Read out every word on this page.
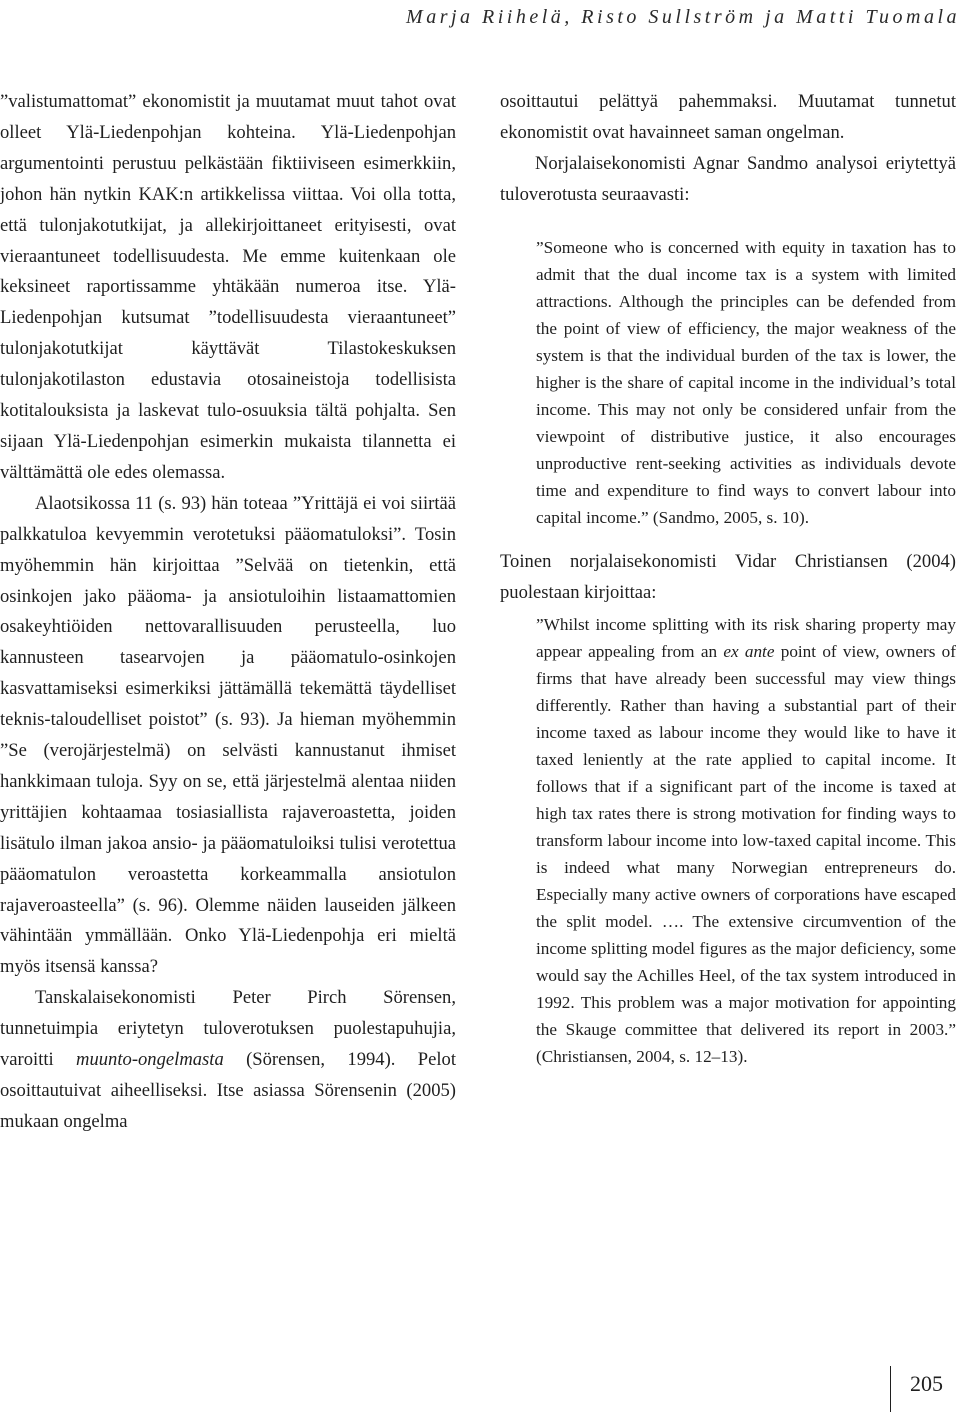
Marja Riihelä, Risto Sullström ja Matti Tuomala

”valistumattomat” ekonomistit ja muutamat muut tahot ovat olleet Ylä-Liedenpohjan kohteina. Ylä-Liedenpohjan argumentointi perustuu pelkästään fiktiiviseen esimerkkiin, johon hän nytkin KAK:n artikkelissa viittaa. Voi olla totta, että tulonjakotutkijat, ja allekirjoittaneet erityisesti, ovat vieraantuneet todellisuudesta. Me emme kuitenkaan ole keksineet raportissamme yhtäkään numeroa itse. Ylä-Liedenpohjan kutsumat ”todellisuudesta vieraantuneet” tulonjakotutkijat käyttävät Tilastokeskuksen tulonjakotilaston edustavia otosaineistoja todellisista kotitalouksista ja laskevat tulo-osuuksia tältä pohjalta. Sen sijaan Ylä-Liedenpohjan esimerkin mukaista tilannetta ei välttämättä ole edes olemassa.

Alaotsikossa 11 (s. 93) hän toteaa ”Yrittäjä ei voi siirtää palkkatuloa kevyemmin verotetuksi pääomatuloksi”. Tosin myöhemmin hän kirjoittaa ”Selvää on tietenkin, että osinkojen jako pääoma- ja ansiotuloihin listaamattomien osakeyhtiöiden nettovarallisuuden perusteella, luo kannusteen tasearvojen ja pääomatulo-osinkojen kasvattamiseksi esimerkiksi jättämällä tekemättä täydelliset teknis-taloudelliset poistot” (s. 93). Ja hieman myöhemmin ”Se (verojärjestelmä) on selvästi kannustanut ihmiset hankkimaan tuloja. Syy on se, että järjestelmä alentaa niiden yrittäjien kohtaamaa tosiasiallista rajaveroastetta, joiden lisätulo ilman jakoa ansio- ja pääomatuloiksi tulisi verotettua pääomatulon veroastetta korkeammalla ansiotulon rajaveroasteella” (s. 96). Olemme näiden lauseiden jälkeen vähintään ymmällään. Onko Ylä-Liedenpohja eri mieltä myös itsensä kanssa?

Tanskalaisekonomisti Peter Pirch Sörensen, tunnetuimpia eriytetyn tuloverotuksen puolestapuhujia, varoitti muunto-ongelmasta (Sörensen, 1994). Pelot osoittautuivat aiheelliseksi. Itse asiassa Sörensenin (2005) mukaan ongelma

osoittautui pelättyä pahemmaksi. Muutamat tunnetut ekonomistit ovat havainneet saman ongelman.

Norjalaisekonomisti Agnar Sandmo analysoi eriytettyä tuloverotusta seuraavasti:

”Someone who is concerned with equity in taxation has to admit that the dual income tax is a system with limited attractions. Although the principles can be defended from the point of view of efficiency, the major weakness of the system is that the individual burden of the tax is lower, the higher is the share of capital income in the individual’s total income. This may not only be considered unfair from the viewpoint of distributive justice, it also encourages unproductive rent-seeking activities as individuals devote time and expenditure to find ways to convert labour into capital income.” (Sandmo, 2005, s. 10).

Toinen norjalaisekonomisti Vidar Christiansen (2004) puolestaan kirjoittaa:

”Whilst income splitting with its risk sharing property may appear appealing from an ex ante point of view, owners of firms that have already been successful may view things differently. Rather than having a substantial part of their income taxed as labour income they would like to have it taxed leniently at the rate applied to capital income. It follows that if a significant part of the income is taxed at high tax rates there is strong motivation for finding ways to transform labour income into low-taxed capital income. This is indeed what many Norwegian entrepreneurs do. Especially many active owners of corporations have escaped the split model. …. The extensive circumvention of the income splitting model figures as the major deficiency, some would say the Achilles Heel, of the tax system introduced in 1992. This problem was a major motivation for appointing the Skauge committee that delivered its report in 2003.” (Christiansen, 2004, s. 12–13).

205
